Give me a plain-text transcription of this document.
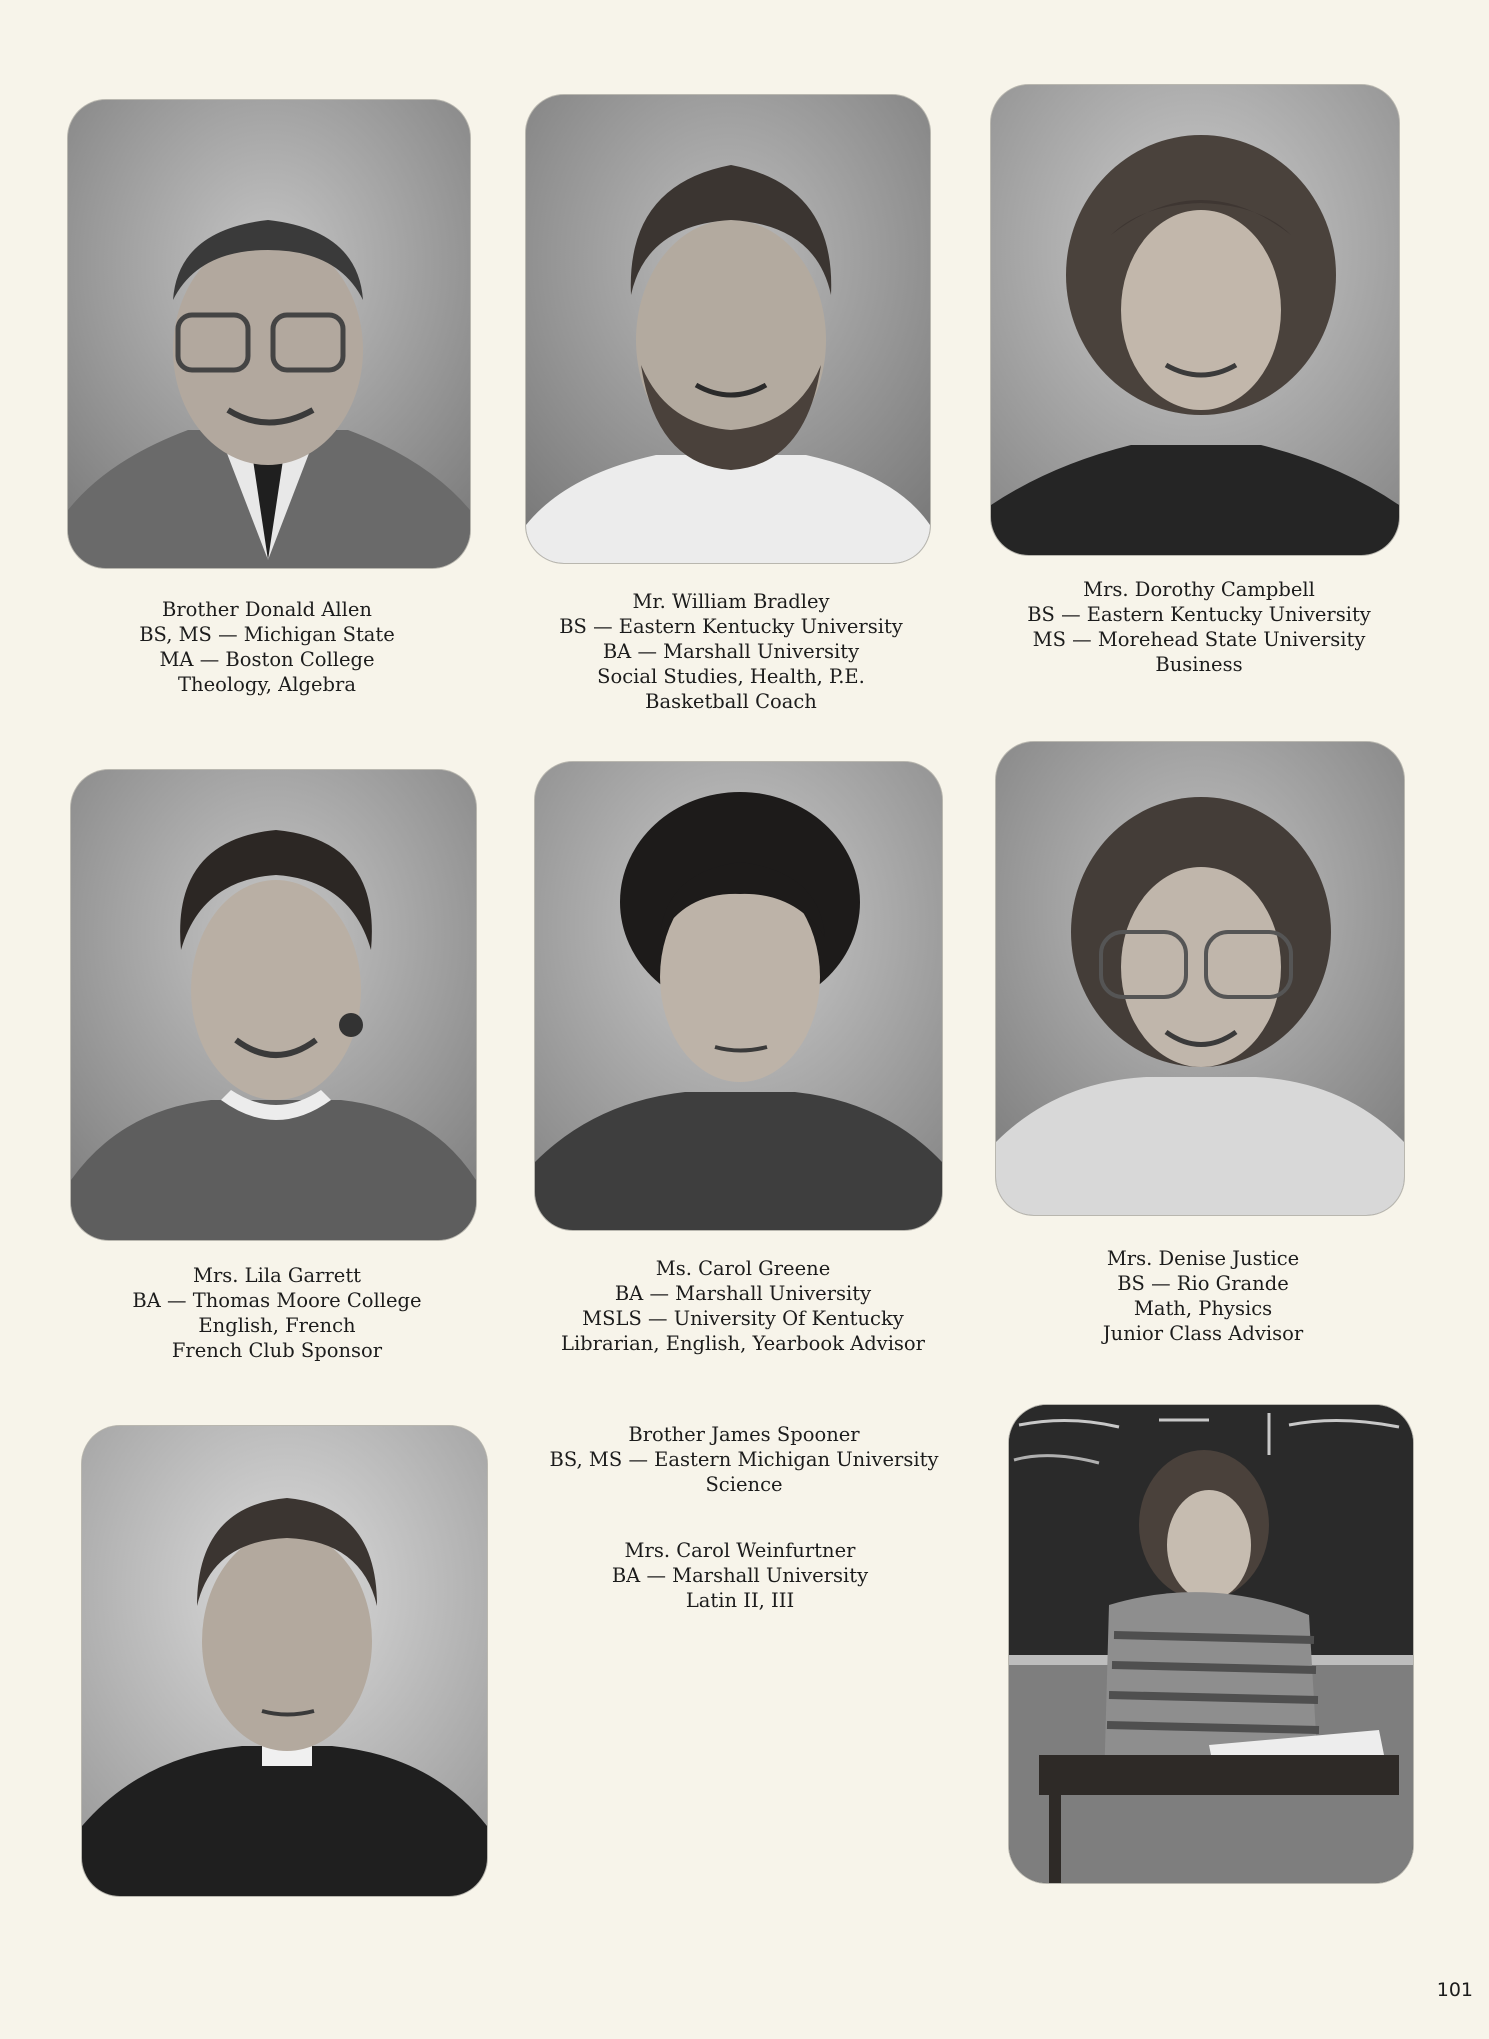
Brother Donald Allen
BS, MS — Michigan State
MA — Boston College
Theology, Algebra
Mr. William Bradley
BS — Eastern Kentucky University
BA — Marshall University
Social Studies, Health, P.E.
Basketball Coach
Mrs. Dorothy Campbell
BS — Eastern Kentucky University
MS — Morehead State University
Business
Mrs. Lila Garrett
BA — Thomas Moore College
English, French
French Club Sponsor
Ms. Carol Greene
BA — Marshall University
MSLS — University Of Kentucky
Librarian, English, Yearbook Advisor
Mrs. Denise Justice
BS — Rio Grande
Math, Physics
Junior Class Advisor
Brother James Spooner
BS, MS — Eastern Michigan University
Science
Mrs. Carol Weinfurtner
BA — Marshall University
Latin II, III
101
